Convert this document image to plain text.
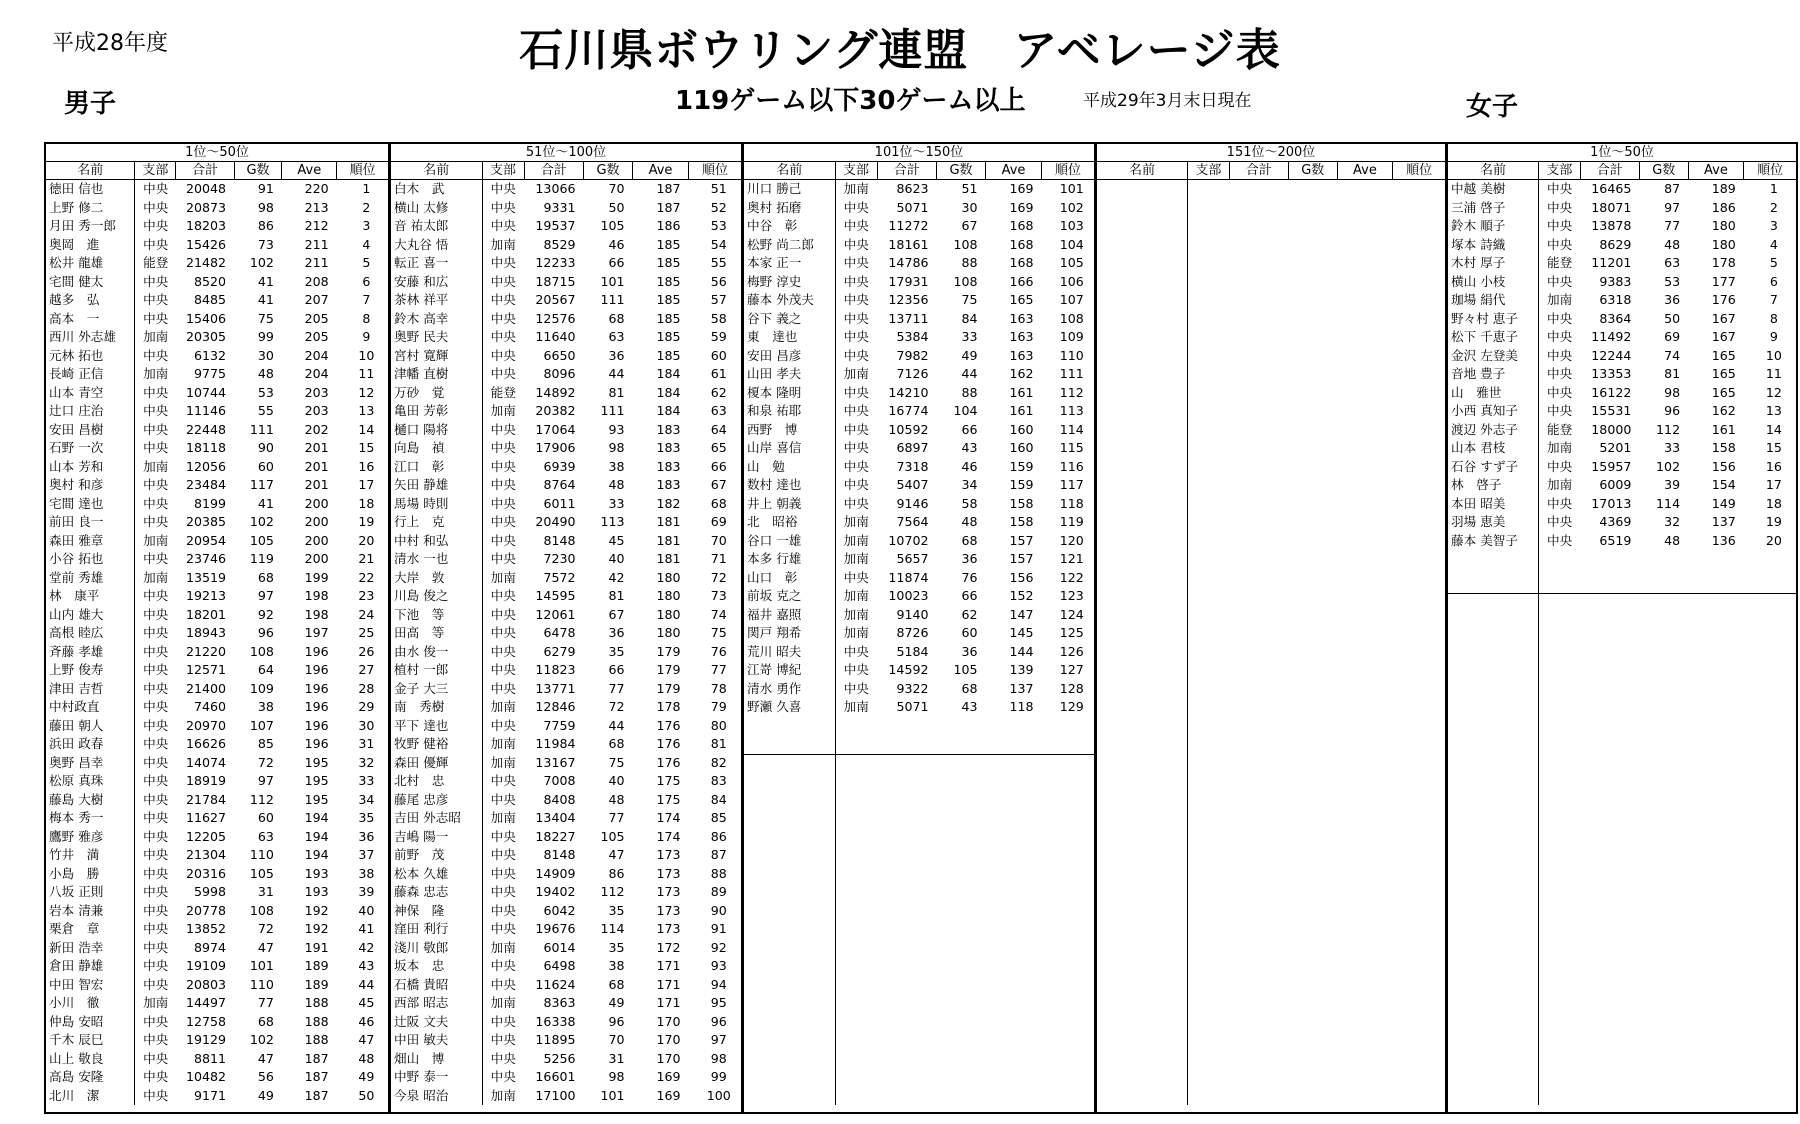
平成28年度	石川県ボウリング連盟　アベレージ表
男子	119ゲーム以下30ゲーム以上	平成29年3月末日現在	女子
1位～50位					
名前	支部	合計	G数	Ave	順位
徳田 信也	中央	20048	91	220	1
上野 修二	中央	20873	98	213	2
月田 秀一郎	中央	18203	86	212	3
奥岡　進	中央	15426	73	211	4
松井 龍雄	能登	21482	102	211	5
宅間 健太	中央	8520	41	208	6
越多　弘	中央	8485	41	207	7
高本　一	中央	15406	75	205	8
西川 外志雄	加南	20305	99	205	9
元林 拓也	中央	6132	30	204	10
長崎 正信	加南	9775	48	204	11
山本 青空	中央	10744	53	203	12
辻口 庄治	中央	11146	55	203	13
安田 昌樹	中央	22448	111	202	14
石野 一次	中央	18118	90	201	15
山本 芳和	加南	12056	60	201	16
奥村 和彦	中央	23484	117	201	17
宅間 達也	中央	8199	41	200	18
前田 良一	中央	20385	102	200	19
森田 雅章	加南	20954	105	200	20
小谷 拓也	中央	23746	119	200	21
堂前 秀雄	加南	13519	68	199	22
林　康平	中央	19213	97	198	23
山内 雄大	中央	18201	92	198	24
高根 睦広	中央	18943	96	197	25
斉藤 孝雄	中央	21220	108	196	26
上野 俊寿	中央	12571	64	196	27
津田 吉哲	中央	21400	109	196	28
中村政直	中央	7460	38	196	29
藤田 朝人	中央	20970	107	196	30
浜田 政春	中央	16626	85	196	31
奥野 昌幸	中央	14074	72	195	32
松原 真珠	中央	18919	97	195	33
藤島 大樹	中央	21784	112	195	34
梅本 秀一	中央	11627	60	194	35
鷹野 雅彦	中央	12205	63	194	36
竹井　満	中央	21304	110	194	37
小島　勝	中央	20316	105	193	38
八坂 正則	中央	5998	31	193	39
岩本 清兼	中央	20778	108	192	40
栗倉　章	中央	13852	72	192	41
新田 浩幸	中央	8974	47	191	42
倉田 静雄	中央	19109	101	189	43
中田 智宏	中央	20803	110	189	44
小川　徹	加南	14497	77	188	45
仲島 安昭	中央	12758	68	188	46
千木 辰巳	中央	19129	102	188	47
山上 敬良	中央	8811	47	187	48
高島 安隆	中央	10482	56	187	49
北川　潔	中央	9171	49	187	50
51位～100位					
名前	支部	合計	G数	Ave	順位
白木　武	中央	13066	70	187	51
横山 太修	中央	9331	50	187	52
音 祐太郎	中央	19537	105	186	53
大丸谷 悟	加南	8529	46	185	54
転正 喜一	中央	12233	66	185	55
安藤 和広	中央	18715	101	185	56
茶林 祥平	中央	20567	111	185	57
鈴木 高幸	中央	12576	68	185	58
奥野 民夫	中央	11640	63	185	59
宮村 寛輝	中央	6650	36	185	60
津幡 直樹	中央	8096	44	184	61
万砂　覚	能登	14892	81	184	62
亀田 芳彰	加南	20382	111	184	63
樋口 陽将	中央	17064	93	183	64
向島　禎	中央	17906	98	183	65
江口　彰	中央	6939	38	183	66
矢田 静雄	中央	8764	48	183	67
馬場 時則	中央	6011	33	182	68
行上　克	中央	20490	113	181	69
中村 和弘	中央	8148	45	181	70
清水 一也	中央	7230	40	181	71
大岸　敦	加南	7572	42	180	72
川島 俊之	中央	14595	81	180	73
下池　等	中央	12061	67	180	74
田高　等	中央	6478	36	180	75
由水 俊一	中央	6279	35	179	76
植村 一郎	中央	11823	66	179	77
金子 大三	中央	13771	77	179	78
南　秀樹	加南	12846	72	178	79
平下 達也	中央	7759	44	176	80
牧野 健裕	加南	11984	68	176	81
森田 優輝	加南	13167	75	176	82
北村　忠	中央	7008	40	175	83
藤尾 忠彦	中央	8408	48	175	84
吉田 外志昭	加南	13404	77	174	85
吉嶋 陽一	中央	18227	105	174	86
前野　茂	中央	8148	47	173	87
松本 久雄	中央	14909	86	173	88
藤森 忠志	中央	19402	112	173	89
神保　隆	中央	6042	35	173	90
窪田 利行	中央	19676	114	173	91
淺川 敬郎	加南	6014	35	172	92
坂本　忠	中央	6498	38	171	93
石橋 貴昭	中央	11624	68	171	94
西部 昭志	加南	8363	49	171	95
辻阪 文夫	中央	16338	96	170	96
中田 敏夫	中央	11895	70	170	97
畑山　博	中央	5256	31	170	98
中野 泰一	中央	16601	98	169	99
今泉 昭治	加南	17100	101	169	100
101位～150位					
名前	支部	合計	G数	Ave	順位
川口 勝己	加南	8623	51	169	101
奥村 拓磨	中央	5071	30	169	102
中谷　彰	中央	11272	67	168	103
松野 尚二郎	中央	18161	108	168	104
本家 正一	中央	14786	88	168	105
梅野 淳史	中央	17931	108	166	106
藤本 外茂夫	中央	12356	75	165	107
谷下 義之	中央	13711	84	163	108
東　達也	中央	5384	33	163	109
安田 昌彦	中央	7982	49	163	110
山田 孝夫	加南	7126	44	162	111
榎本 隆明	中央	14210	88	161	112
和泉 祐耶	中央	16774	104	161	113
西野　博	中央	10592	66	160	114
山岸 喜信	中央	6897	43	160	115
山　勉	中央	7318	46	159	116
数村 達也	中央	5407	34	159	117
井上 朝義	中央	9146	58	158	118
北　昭裕	加南	7564	48	158	119
谷口 一雄	加南	10702	68	157	120
本多 行雄	加南	5657	36	157	121
山口　彰	中央	11874	76	156	122
前坂 克之	加南	10023	66	152	123
福井 嘉照	加南	9140	62	147	124
関戸 翔希	加南	8726	60	145	125
荒川 昭夫	中央	5184	36	144	126
江嵜 博紀	中央	14592	105	139	127
清水 勇作	中央	9322	68	137	128
野瀬 久喜	加南	5071	43	118	129

151位～200位					
名前	支部	合計	G数	Ave	順位

1位～50位					
名前	支部	合計	G数	Ave	順位
中越 美樹	中央	16465	87	189	1
三浦 啓子	中央	18071	97	186	2
鈴木 順子	中央	13878	77	180	3
塚本 詩織	中央	8629	48	180	4
木村 厚子	能登	11201	63	178	5
横山 小枝	中央	9383	53	177	6
珈場 絹代	加南	6318	36	176	7
野々村 恵子	中央	8364	50	167	8
松下 千恵子	中央	11492	69	167	9
金沢 左登美	中央	12244	74	165	10
音地 豊子	中央	13353	81	165	11
山　雅世	中央	16122	98	165	12
小西 真知子	中央	15531	96	162	13
渡辺 外志子	能登	18000	112	161	14
山本 君枝	加南	5201	33	158	15
石谷 すず子	中央	15957	102	156	16
林　啓子	加南	6009	39	154	17
本田 昭美	中央	17013	114	149	18
羽場 恵美	中央	4369	32	137	19
藤本 美智子	中央	6519	48	136	20
